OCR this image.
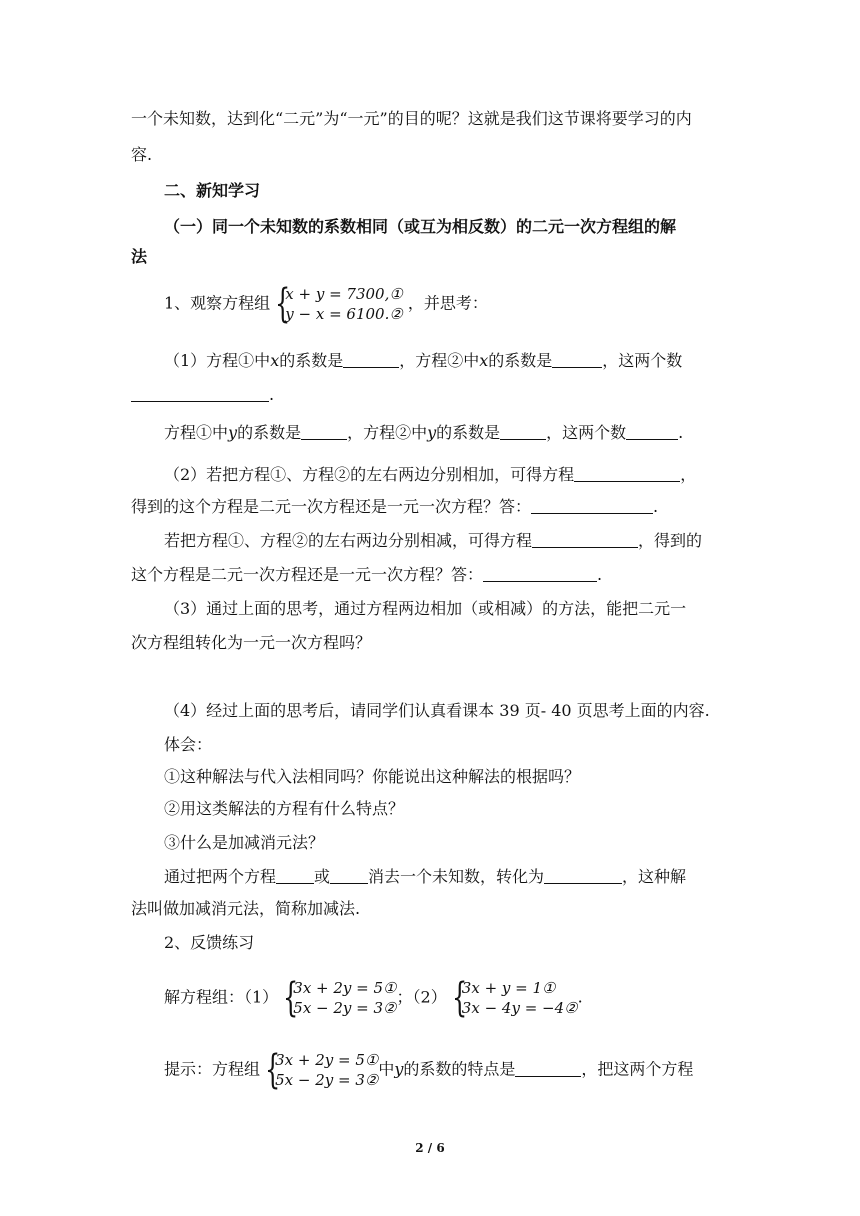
一个未知数，达到化“二元”为“一元”的目的呢？这就是我们这节课将要学习的内
容.
二、新知学习
（一）同一个未知数的系数相同（或互为相反数）的二元一次方程组的解
法
1、观察方程组 {
x + y = 7300,①
y − x = 6100.②
，并思考：
（1）方程①中x的系数是	，方程②中x的系数是	，这两个数
.
方程①中y的系数是	，方程②中y的系数是	，这两个数	.
（2）若把方程①、方程②的左右两边分别相加，可得方程	，
得到的这个方程是二元一次方程还是一元一次方程？答：	.
若把方程①、方程②的左右两边分别相减，可得方程	，得到的
这个方程是二元一次方程还是一元一次方程？答：	.
（3）通过上面的思考，通过方程两边相加（或相减）的方法，能把二元一
次方程组转化为一元一次方程吗？
（4）经过上面的思考后，请同学们认真看课本 39 页- 40 页思考上面的内容.
体会：
①这种解法与代入法相同吗？你能说出这种解法的根据吗？
②用这类解法的方程有什么特点？
③什么是加减消元法？
通过把两个方程 或 消去一个未知数，转化为	，这种解
法叫做加减消元法，简称加减法.
2、反馈练习
解方程组：（1） {
3x + 2y = 5①
5x − 2y = 3②
；（2） {
3x + y = 1①
3x − 4y = −4②
.
提示：方程组 {
3x + 2y = 5①
5x − 2y = 3②
中y的系数的特点是	，把这两个方程
2 / 6
